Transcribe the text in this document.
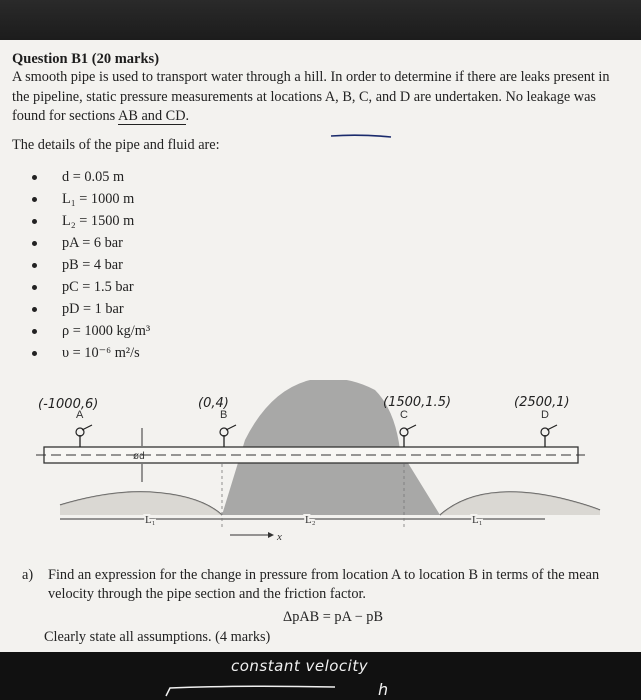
Question B1 (20 marks)
A smooth pipe is used to transport water through a hill. In order to determine if there are leaks present in the pipeline, static pressure measurements at locations A, B, C, and D are undertaken. No leakage was found for sections AB and CD.
The details of the pipe and fluid are:
d = 0.05 m
L₁ = 1000 m
L₂ = 1500 m
pA = 6 bar
pB = 4 bar
pC = 1.5 bar
pD = 1 bar
ρ = 1000 kg/m³
υ = 10⁻⁶ m²/s
A	B	C	D
(-1000,6)	(0,4)	(1500,1.5)	(2500,1)
ød
L₁	L₂	L₁
x
a)	Find an expression for the change in pressure from location A to location B in terms of the mean velocity through the pipe section and the friction factor.
ΔpAB = pA − pB
Clearly state all assumptions. (4 marks)
constant velocity
h
